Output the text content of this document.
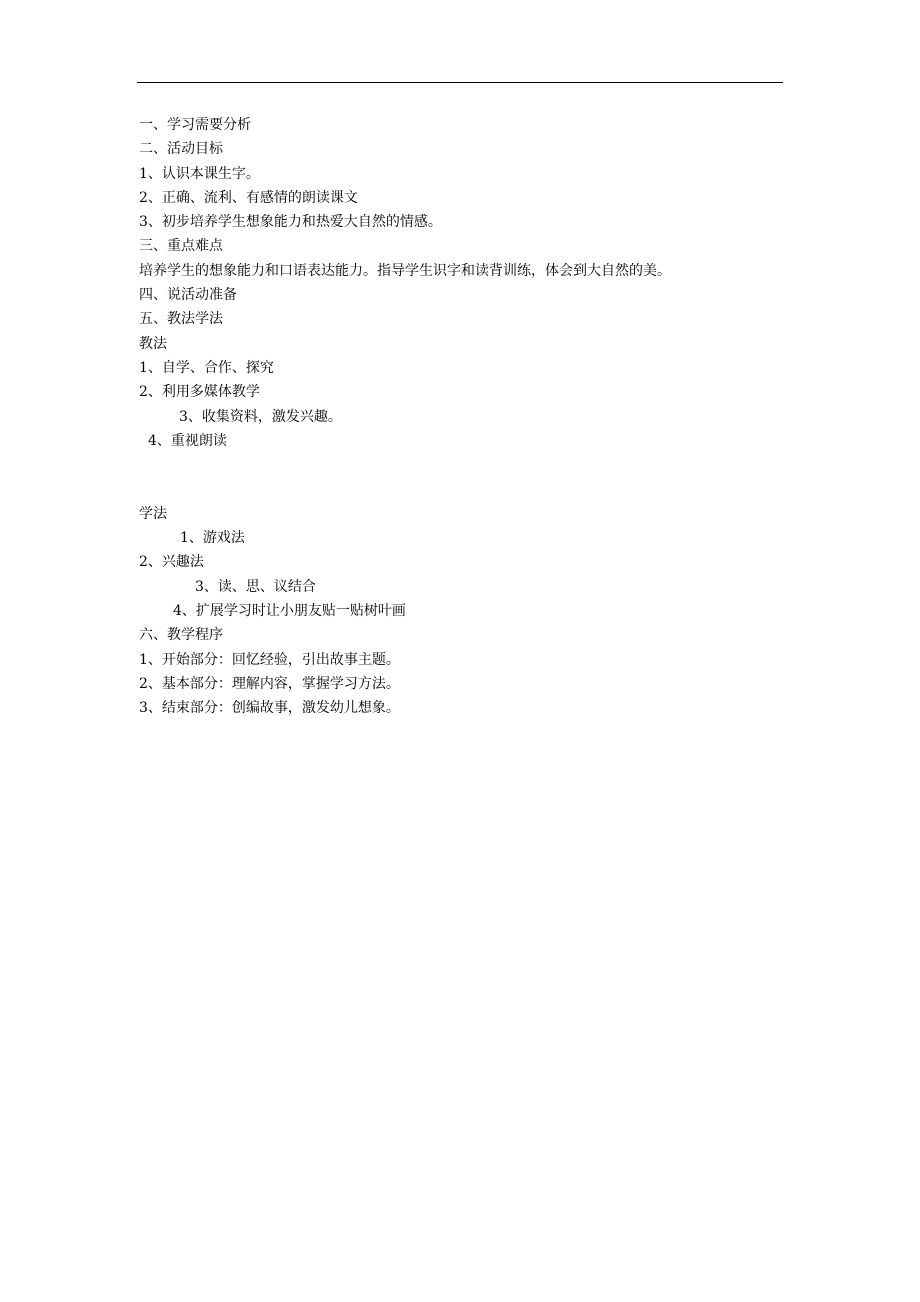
一、学习需要分析
二、活动目标
1、认识本课生字。
2、正确、流利、有感情的朗读课文
3、初步培养学生想象能力和热爱大自然的情感。
三、重点难点
培养学生的想象能力和口语表达能力。指导学生识字和读背训练，体会到大自然的美。
四、说活动准备
五、教法学法
教法
1、自学、合作、探究
2、利用多媒体教学
3、收集资料，激发兴趣。
4、重视朗读
学法
1、游戏法
2、兴趣法
3、读、思、议结合
4、扩展学习时让小朋友贴一贴树叶画
六、教学程序
1、开始部分：回忆经验，引出故事主题。
2、基本部分：理解内容，掌握学习方法。
3、结束部分：创编故事，激发幼儿想象。
